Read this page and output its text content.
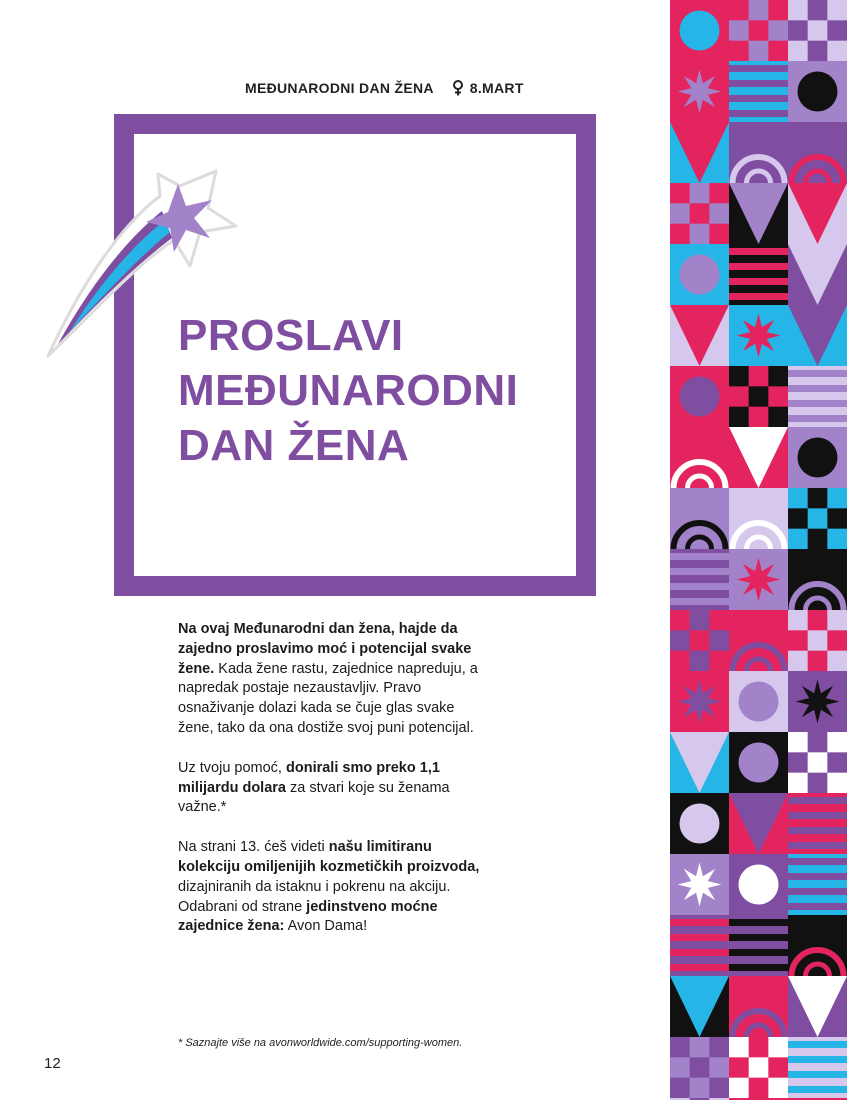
MEĐUNARODNI DAN ŽENA	8.MART
PROSLAVI
MEĐUNARODNI
DAN ŽENA

Na ovaj Međunarodni dan žena, hajde da zajedno proslavimo moć i potencijal svake žene. Kada žene rastu, zajednice napreduju, a napredak postaje nezaustavljiv. Pravo osnaživanje dolazi kada se čuje glas svake žene, tako da ona dostiže svoj puni potencijal.

Uz tvoju pomoć, donirali smo preko 1,1 milijardu dolara za stvari koje su ženama važne.*

Na strani 13. ćeš videti našu limitiranu kolekciju omiljenijih kozmetičkih proizvoda, dizajniranih da istaknu i pokrenu na akciju. Odabrani od strane jedinstveno moćne zajednice žena: Avon Dama!

* Saznajte više na avonworldwide.com/supporting-women.
12
